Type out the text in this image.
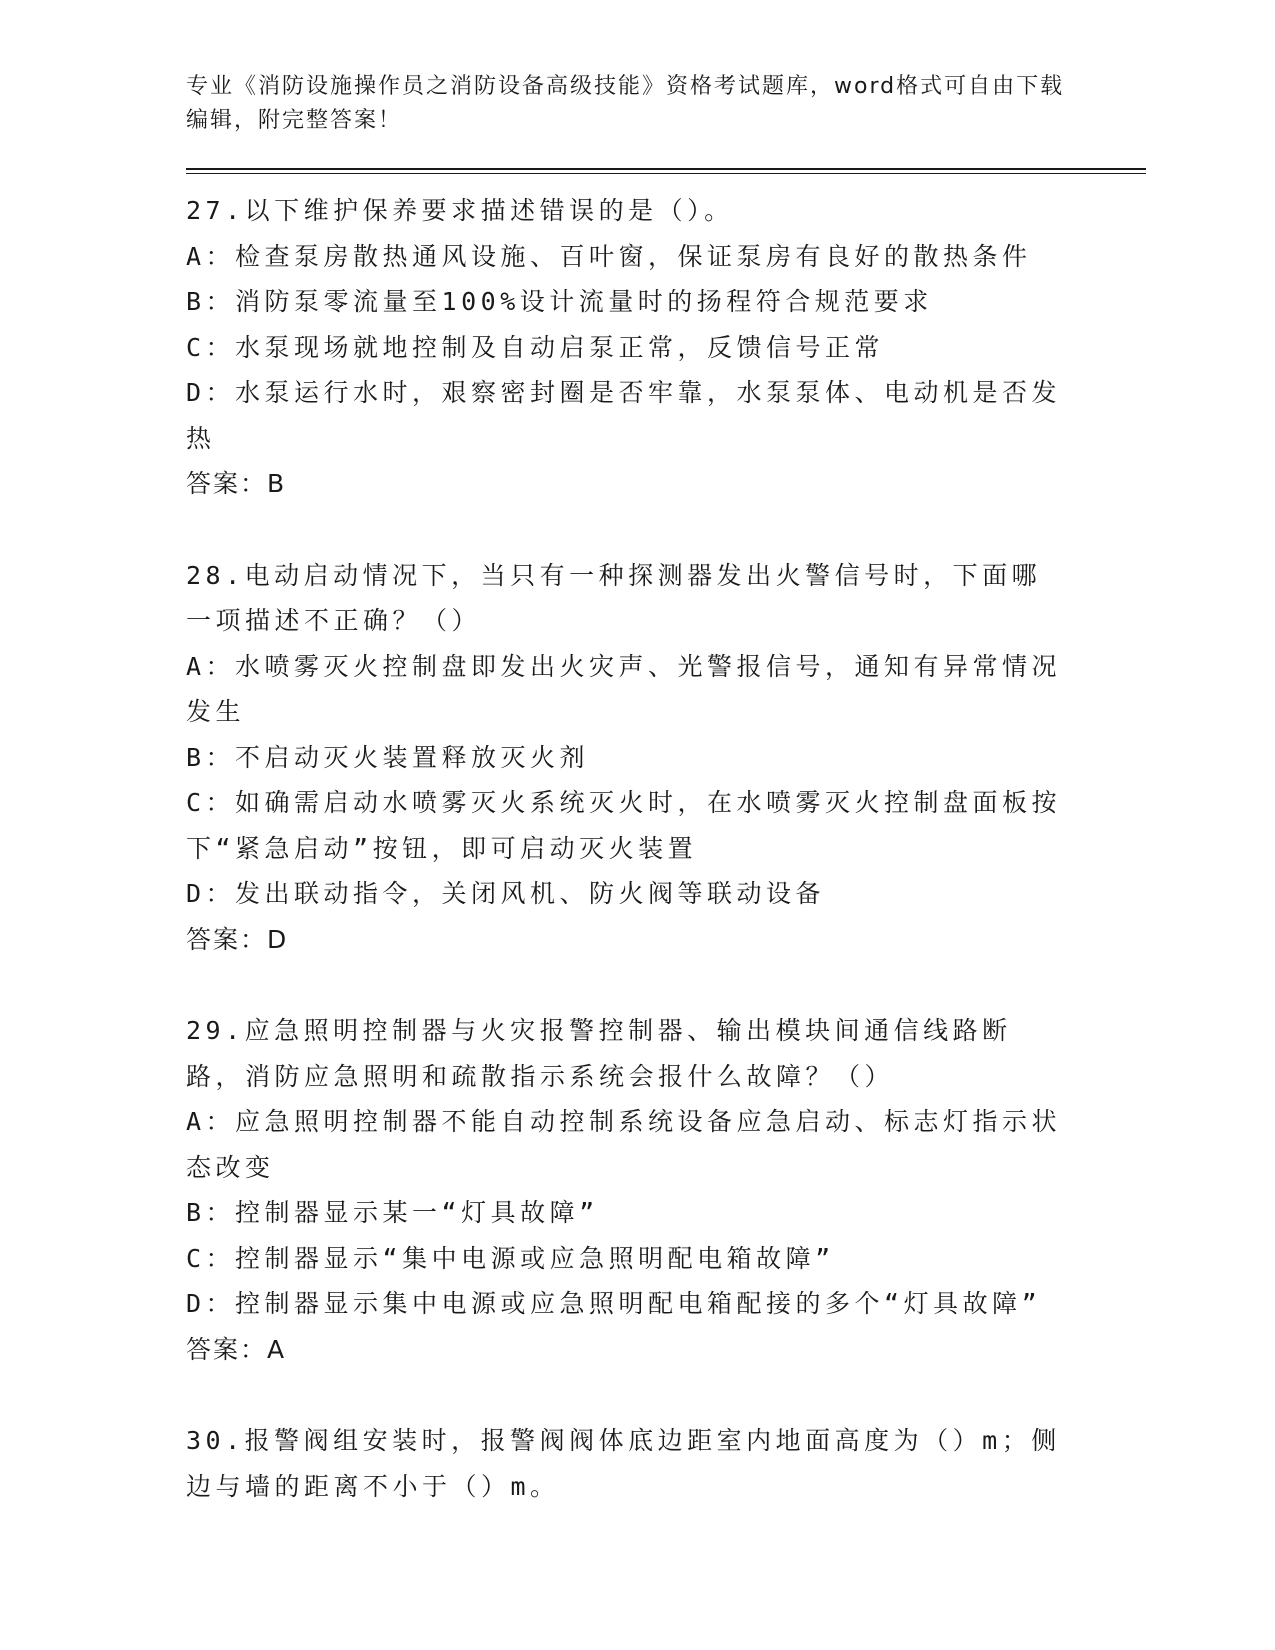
专业《消防设施操作员之消防设备高级技能》资格考试题库，word格式可自由下载编辑，附完整答案！

27.以下维护保养要求描述错误的是（）。

A：检查泵房散热通风设施、百叶窗，保证泵房有良好的散热条件

B：消防泵零流量至100%设计流量时的扬程符合规范要求

C：水泵现场就地控制及自动启泵正常，反馈信号正常

D：水泵运行水时，艰察密封圈是否牢靠，水泵泵体、电动机是否发热

答案：B

28.电动启动情况下，当只有一种探测器发出火警信号时，下面哪一项描述不正确？（）

A：水喷雾灭火控制盘即发出火灾声、光警报信号，通知有异常情况发生

B：不启动灭火装置释放灭火剂

C：如确需启动水喷雾灭火系统灭火时，在水喷雾灭火控制盘面板按下“紧急启动”按钮，即可启动灭火装置

D：发出联动指令，关闭风机、防火阀等联动设备

答案：D

29.应急照明控制器与火灾报警控制器、输出模块间通信线路断路，消防应急照明和疏散指示系统会报什么故障？（）

A：应急照明控制器不能自动控制系统设备应急启动、标志灯指示状态改变

B：控制器显示某一“灯具故障”

C：控制器显示“集中电源或应急照明配电箱故障”

D：控制器显示集中电源或应急照明配电箱配接的多个“灯具故障”

答案：A

30.报警阀组安装时，报警阀阀体底边距室内地面高度为（）m；侧边与墙的距离不小于（）m。
